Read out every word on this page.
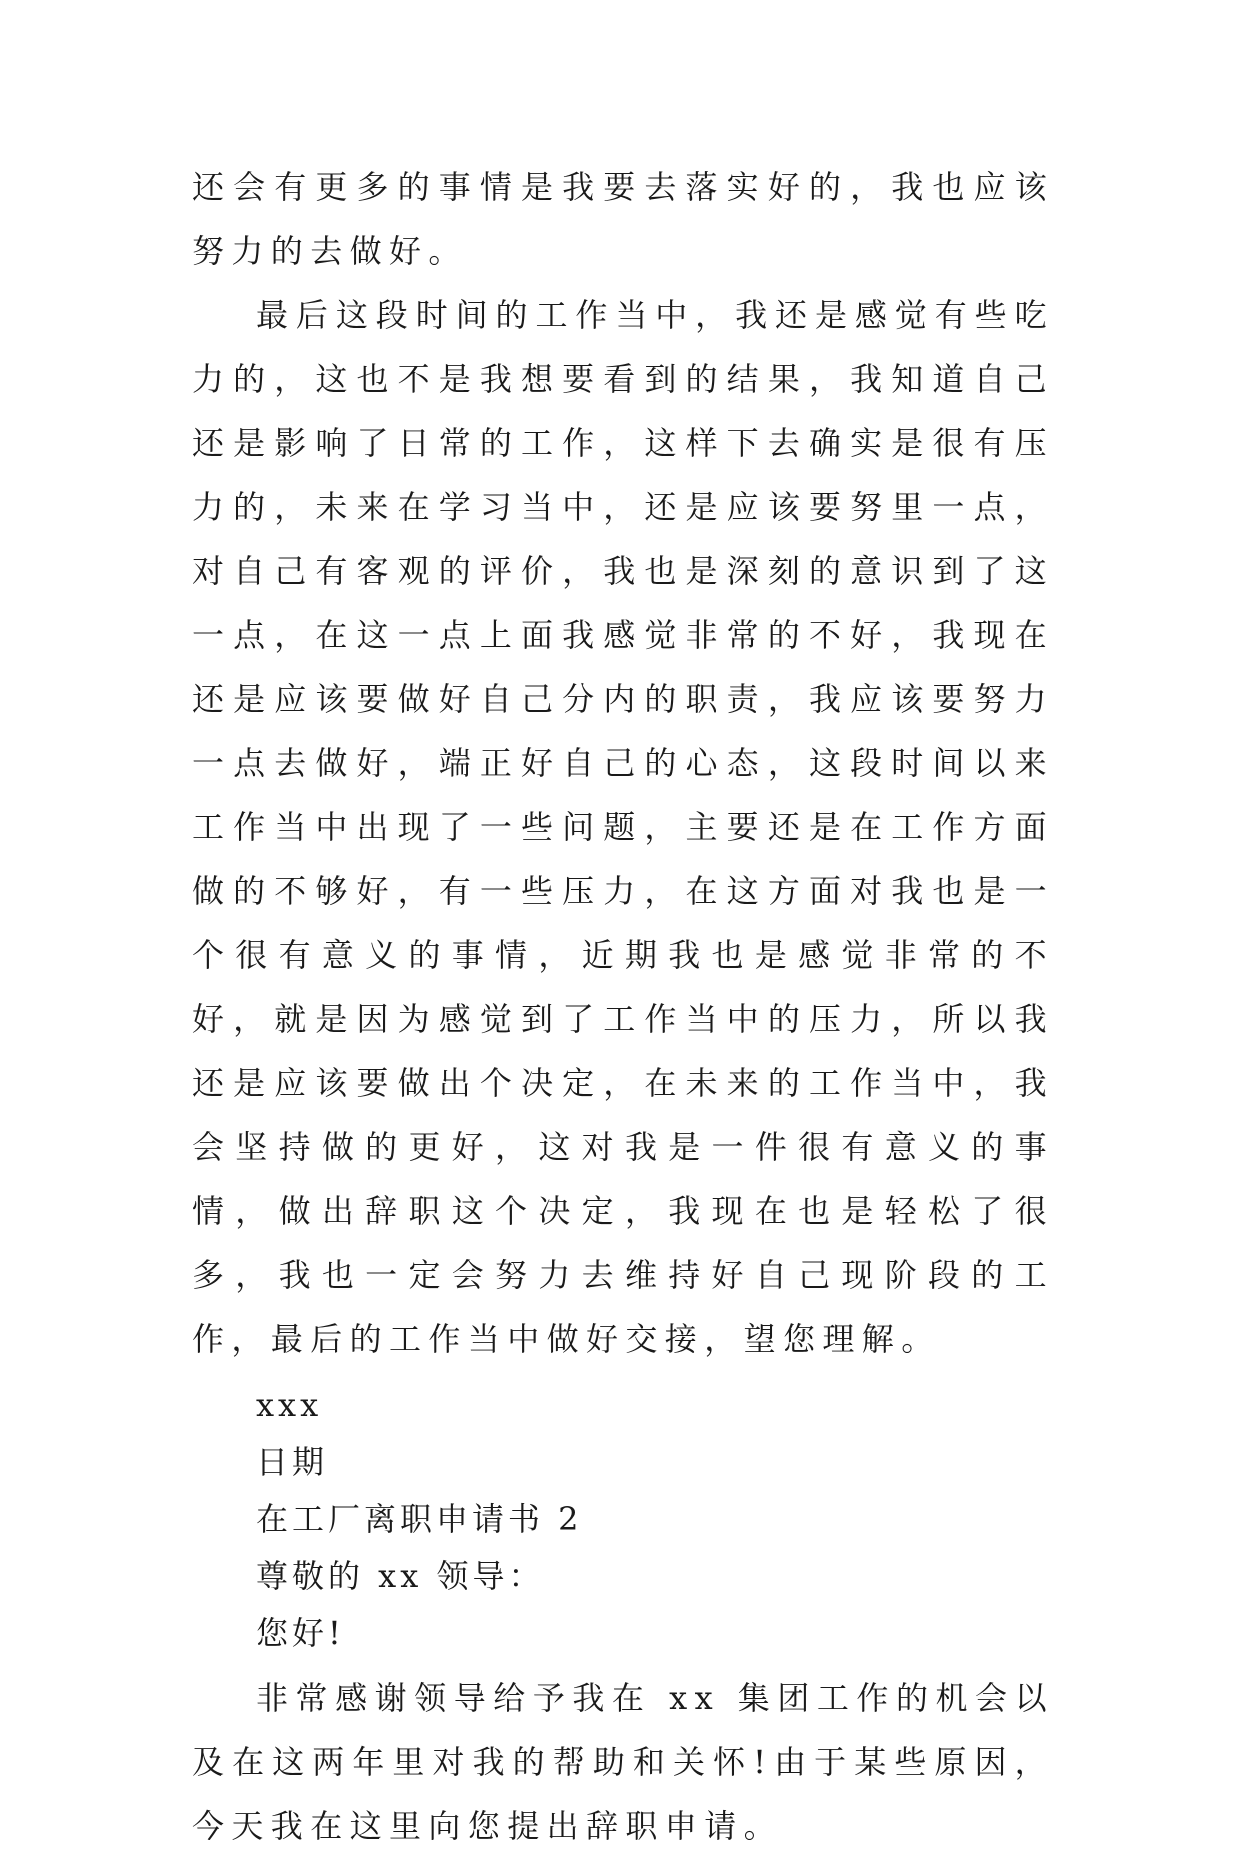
还会有更多的事情是我要去落实好的，我也应该努力的去做好。

最后这段时间的工作当中，我还是感觉有些吃力的，这也不是我想要看到的结果，我知道自己还是影响了日常的工作，这样下去确实是很有压力的，未来在学习当中，还是应该要努里一点，对自己有客观的评价，我也是深刻的意识到了这一点，在这一点上面我感觉非常的不好，我现在还是应该要做好自己分内的职责，我应该要努力一点去做好，端正好自己的心态，这段时间以来工作当中出现了一些问题，主要还是在工作方面做的不够好，有一些压力，在这方面对我也是一个很有意义的事情，近期我也是感觉非常的不好，就是因为感觉到了工作当中的压力，所以我还是应该要做出个决定，在未来的工作当中，我会坚持做的更好，这对我是一件很有意义的事情，做出辞职这个决定，我现在也是轻松了很多，我也一定会努力去维持好自己现阶段的工作，最后的工作当中做好交接，望您理解。

xxx

日期

在工厂离职申请书 2

尊敬的 xx 领导：

您好!

非常感谢领导给予我在 xx 集团工作的机会以及在这两年里对我的帮助和关怀!由于某些原因，今天我在这里向您提出辞职申请。
